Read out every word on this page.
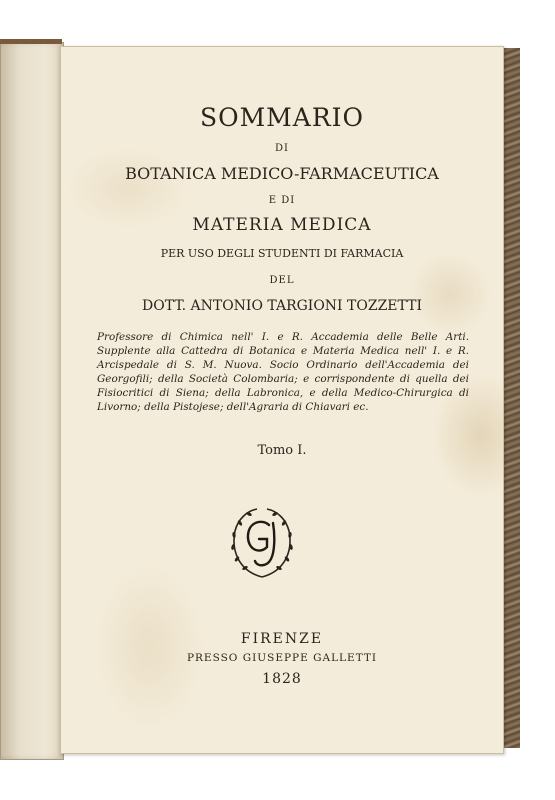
SOMMARIO
DI
BOTANICA MEDICO-FARMACEUTICA
E DI
MATERIA MEDICA
PER USO DEGLI STUDENTI DI FARMACIA
DEL
DOTT. ANTONIO TARGIONI TOZZETTI
Professore di Chimica nell' I. e R. Accademia delle Belle Arti. Supplente alla Cattedra di Botanica e Materia Medica nell' I. e R. Arcispedale di S. M. Nuova. Socio Ordinario dell'Accademia dei Georgofili; della Società Colombaria; e corrispondente di quella dei Fisiocritici di Siena; della Labronica, e della Medico-Chirurgica di Livorno; della Pistojese; dell'Agraria di Chiavari ec.
Tomo I.
FIRENZE
PRESSO GIUSEPPE GALLETTI
1828
